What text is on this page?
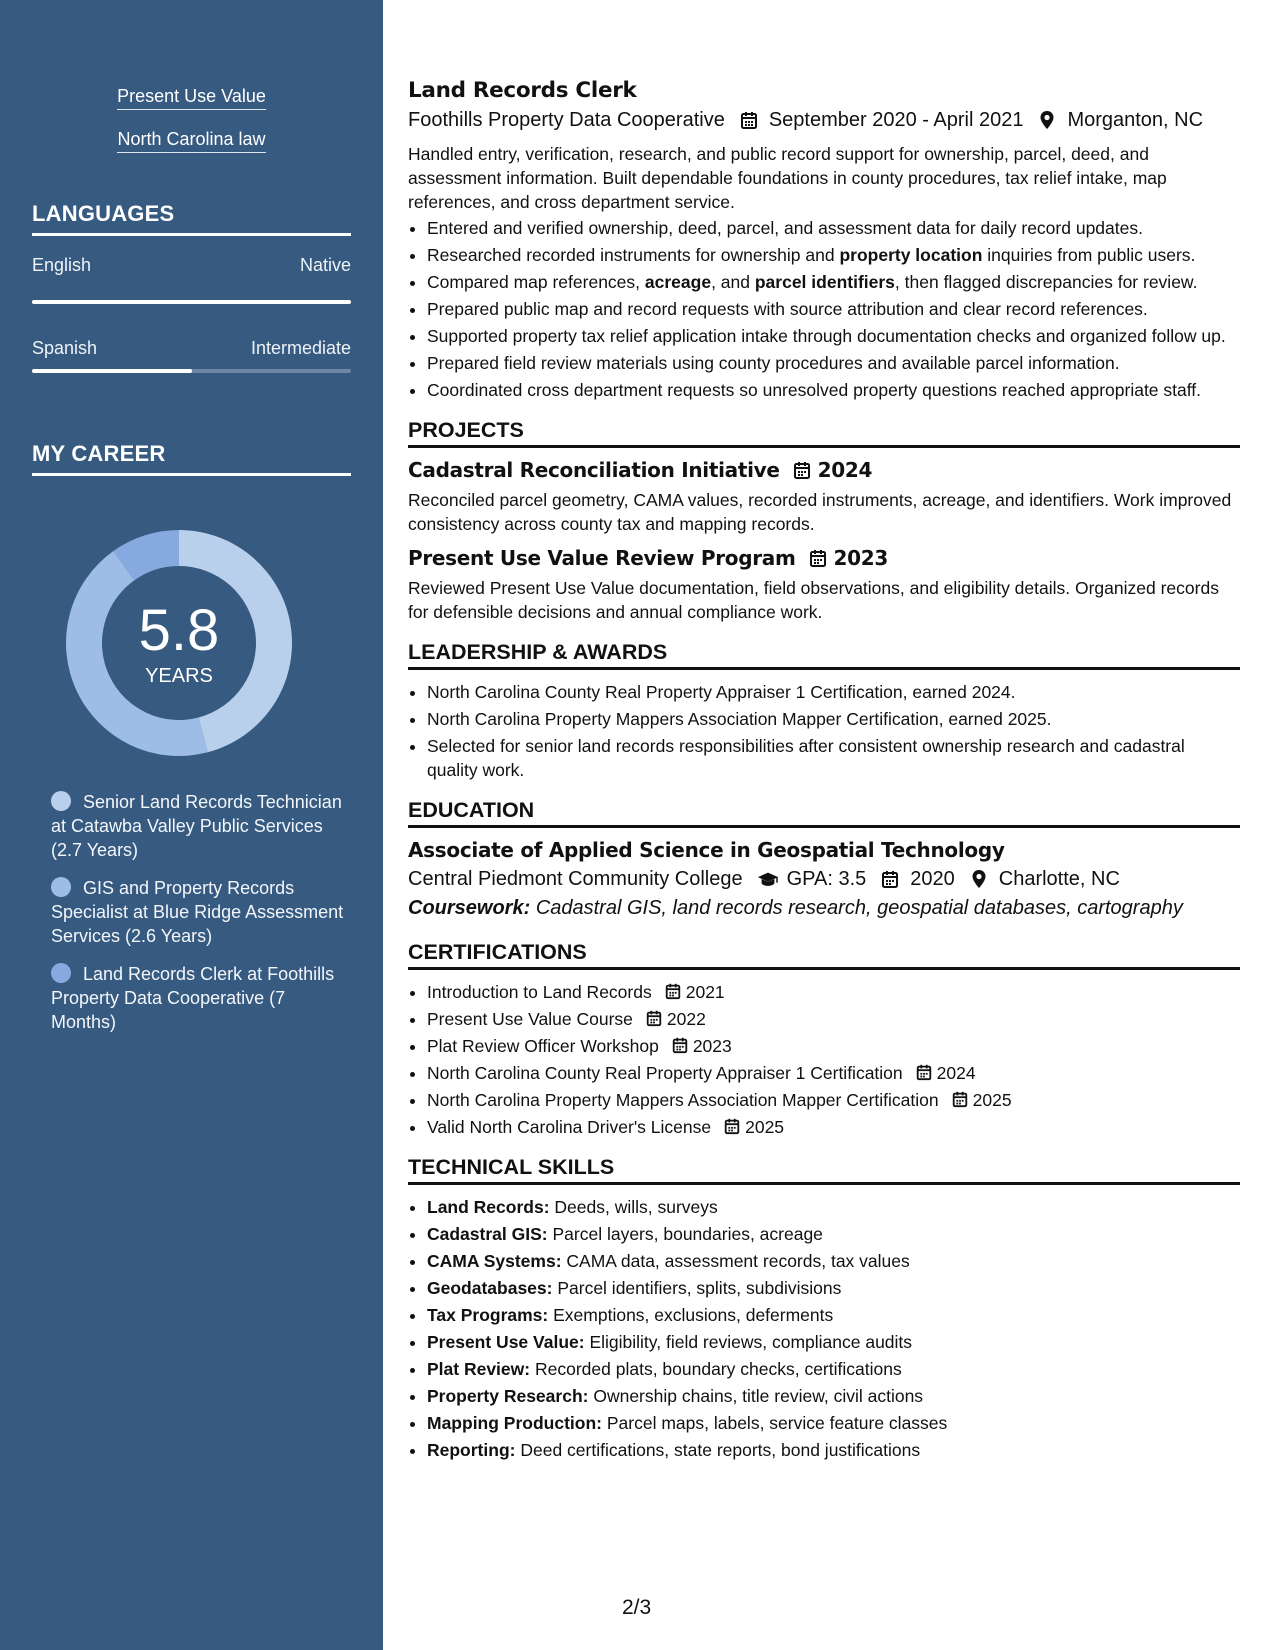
Present Use Value
North Carolina law
LANGUAGES
English	Native
Spanish	Intermediate
MY CAREER
5.8
YEARS
Senior Land Records Technician at Catawba Valley Public Services (2.7 Years)
GIS and Property Records Specialist at Blue Ridge Assessment Services (2.6 Years)
Land Records Clerk at Foothills Property Data Cooperative (7 Months)
Land Records Clerk
Foothills Property Data Cooperative September 2020 - April 2021 Morganton, NC

Handled entry, verification, research, and public record support for ownership, parcel, deed, and assessment information. Built dependable foundations in county procedures, tax relief intake, map references, and cross department service.

• Entered and verified ownership, deed, parcel, and assessment data for daily record updates.
• Researched recorded instruments for ownership and property location inquiries from public users.
• Compared map references, acreage, and parcel identifiers, then flagged discrepancies for review.
• Prepared public map and record requests with source attribution and clear record references.
• Supported property tax relief application intake through documentation checks and organized follow up.
• Prepared field review materials using county procedures and available parcel information.
• Coordinated cross department requests so unresolved property questions reached appropriate staff.
PROJECTS
Cadastral Reconciliation Initiative 2024

Reconciled parcel geometry, CAMA values, recorded instruments, acreage, and identifiers. Work improved consistency across county tax and mapping records.

Present Use Value Review Program 2023

Reviewed Present Use Value documentation, field observations, and eligibility details. Organized records for defensible decisions and annual compliance work.

LEADERSHIP & AWARDS
• North Carolina County Real Property Appraiser 1 Certification, earned 2024.
• North Carolina Property Mappers Association Mapper Certification, earned 2025.
• Selected for senior land records responsibilities after consistent ownership research and cadastral quality work.
EDUCATION
Associate of Applied Science in Geospatial Technology
Central Piedmont Community College GPA: 3.5 2020 Charlotte, NC
Coursework: Cadastral GIS, land records research, geospatial databases, cartography
CERTIFICATIONS
• Introduction to Land Records 2021
• Present Use Value Course 2022
• Plat Review Officer Workshop 2023
• North Carolina County Real Property Appraiser 1 Certification 2024
• North Carolina Property Mappers Association Mapper Certification 2025
• Valid North Carolina Driver's License 2025
TECHNICAL SKILLS
• Land Records: Deeds, wills, surveys
• Cadastral GIS: Parcel layers, boundaries, acreage
• CAMA Systems: CAMA data, assessment records, tax values
• Geodatabases: Parcel identifiers, splits, subdivisions
• Tax Programs: Exemptions, exclusions, deferments
• Present Use Value: Eligibility, field reviews, compliance audits
• Plat Review: Recorded plats, boundary checks, certifications
• Property Research: Ownership chains, title review, civil actions
• Mapping Production: Parcel maps, labels, service feature classes
• Reporting: Deed certifications, state reports, bond justifications
2/3
